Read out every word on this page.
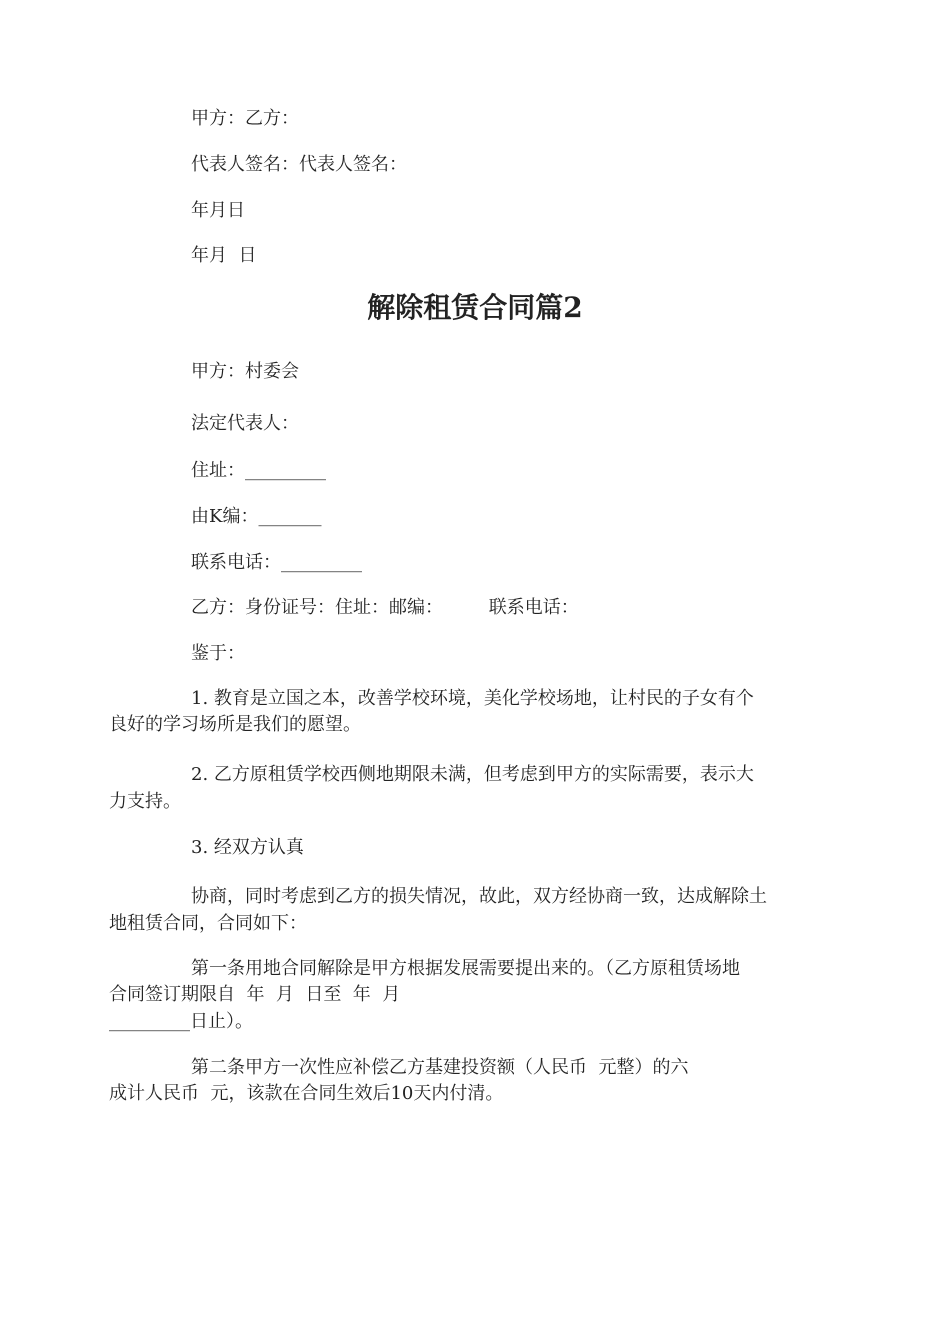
甲方：乙方：
代表人签名：代表人签名：
年月日
年月  日
解除租赁合同篇2
甲方：村委会
法定代表人：
住址：_________
由K编：_______
联系电话：_________
乙方：身份证号：住址：邮编：        联系电话：
鉴于：
1. 教育是立国之本，改善学校环境，美化学校场地，让村民的子女有个
良好的学习场所是我们的愿望。
2. 乙方原租赁学校西侧地期限未满，但考虑到甲方的实际需要，表示大
力支持。
3. 经双方认真
协商，同时考虑到乙方的损失情况，故此，双方经协商一致，达成解除土
地租赁合同，合同如下：
第一条用地合同解除是甲方根据发展需要提出来的。（乙方原租赁场地
合同签订期限自  年  月  日至  年  月
_________日止）。
第二条甲方一次性应补偿乙方基建投资额（人民币  元整）的六
成计人民币  元，该款在合同生效后10天内付清。
